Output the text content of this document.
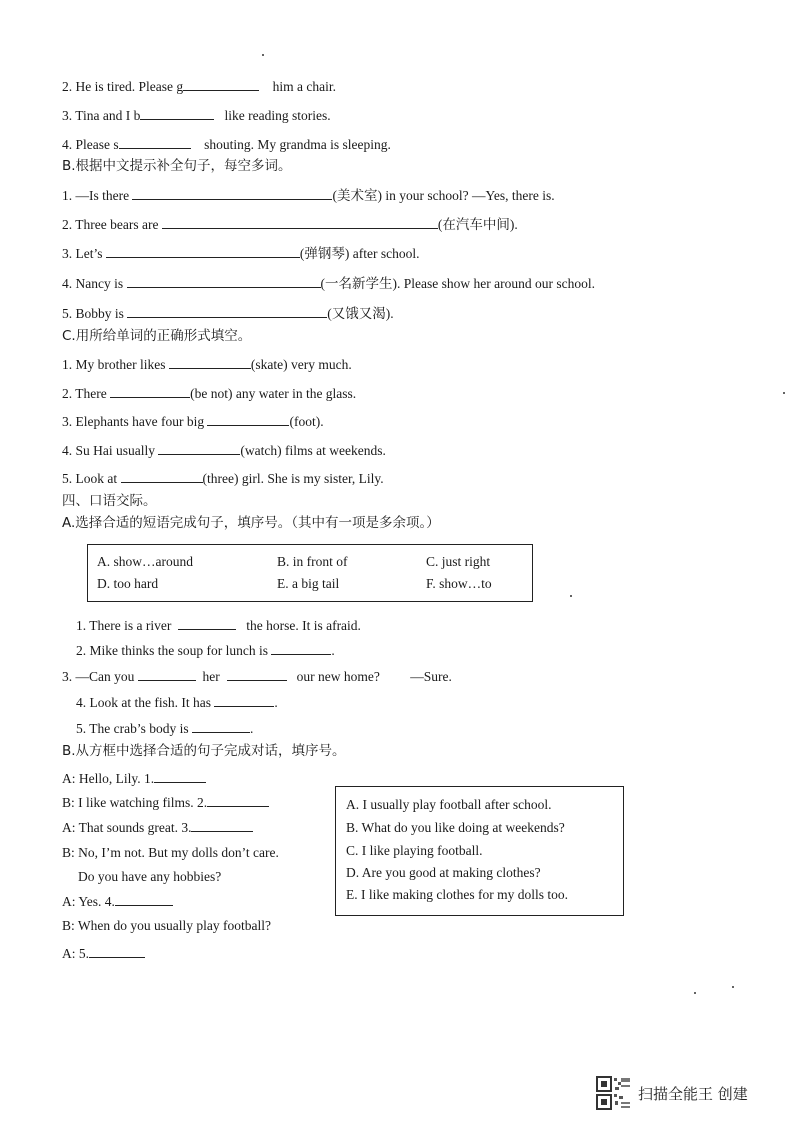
2. He is tired. Please g	him a chair.
3. Tina and I b	like reading stories.
4. Please s	shouting. My grandma is sleeping.
B.根据中文提示补全句子，每空多词。
1. —Is there	(美术室) in your school? —Yes, there is.
2. Three bears are	(在汽车中间).
3. Let’s	(弹钢琴) after school.
4. Nancy is	(一名新学生). Please show her around our school.
5. Bobby is	(又饿又渴).
C.用所给单词的正确形式填空。
1. My brother likes	(skate) very much.
2. There	(be not) any water in the glass.
3. Elephants have four big	(foot).
4. Su Hai usually	(watch) films at weekends.
5. Look at	(three) girl. She is my sister, Lily.
四、口语交际。
A.选择合适的短语完成句子，填序号。（其中有一项是多余项。）
A. show…around	B. in front of	C. just right
D. too hard	E. a big tail	F. show…to
1. There is a river	the horse. It is afraid.
2. Mike thinks the soup for lunch is	.
3. —Can you	her	our new home? —Sure.
4. Look at the fish. It has	.
5. The crab’s body is	.
B.从方框中选择合适的句子完成对话，填序号。
A: Hello, Lily. 1.
B: I like watching films. 2.
A: That sounds great. 3.
B: No, I’m not. But my dolls don’t care.
Do you have any hobbies?
A: Yes. 4.
B: When do you usually play football?
A: 5.
A. I usually play football after school.
B. What do you like doing at weekends?
C. I like playing football.
D. Are you good at making clothes?
E. I like making clothes for my dolls too.
扫描全能王 创建
